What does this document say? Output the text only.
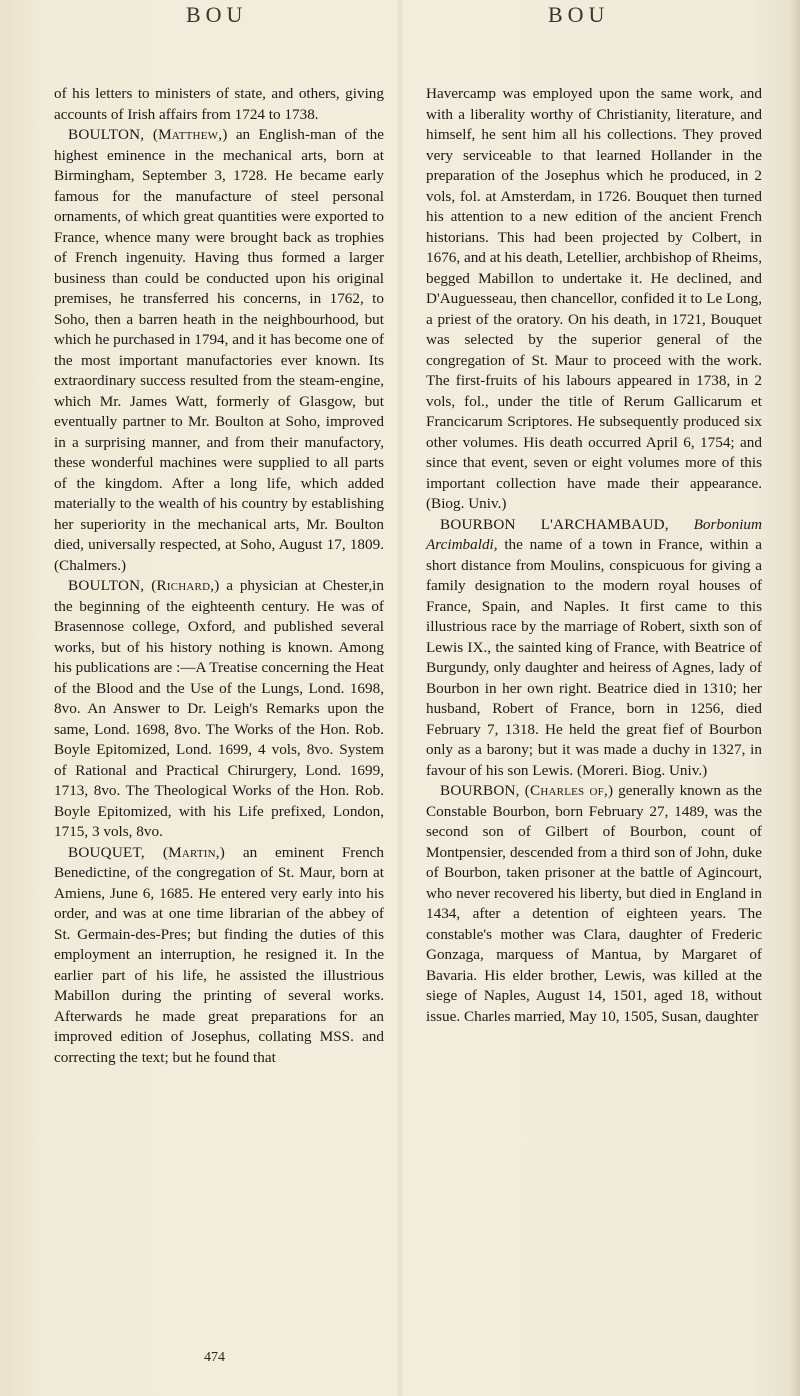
BOU	BOU

of his letters to ministers of state, and others, giving accounts of Irish affairs from 1724 to 1738.

BOULTON, (Matthew,) an English-man of the highest eminence in the mechanical arts, born at Birmingham, September 3, 1728. He became early famous for the manufacture of steel personal ornaments, of which great quantities were exported to France, whence many were brought back as trophies of French ingenuity. Having thus formed a larger business than could be conducted upon his original premises, he transferred his concerns, in 1762, to Soho, then a barren heath in the neighbourhood, but which he purchased in 1794, and it has become one of the most important manufactories ever known. Its extraordinary success resulted from the steam-engine, which Mr. James Watt, formerly of Glasgow, but eventually partner to Mr. Boulton at Soho, improved in a surprising manner, and from their manufactory, these wonderful machines were supplied to all parts of the kingdom. After a long life, which added materially to the wealth of his country by establishing her superiority in the mechanical arts, Mr. Boulton died, universally respected, at Soho, August 17, 1809. (Chalmers.)

BOULTON, (Richard,) a physician at Chester,in the beginning of the eighteenth century. He was of Brasennose college, Oxford, and published several works, but of his history nothing is known. Among his publications are :—A Treatise concerning the Heat of the Blood and the Use of the Lungs, Lond. 1698, 8vo. An Answer to Dr. Leigh's Remarks upon the same, Lond. 1698, 8vo. The Works of the Hon. Rob. Boyle Epitomized, Lond. 1699, 4 vols, 8vo. System of Rational and Practical Chirurgery, Lond. 1699, 1713, 8vo. The Theological Works of the Hon. Rob. Boyle Epitomized, with his Life prefixed, London, 1715, 3 vols, 8vo.

BOUQUET, (Martin,) an eminent French Benedictine, of the congregation of St. Maur, born at Amiens, June 6, 1685. He entered very early into his order, and was at one time librarian of the abbey of St. Germain-des-Pres; but finding the duties of this employment an interruption, he resigned it. In the earlier part of his life, he assisted the illustrious Mabillon during the printing of several works. Afterwards he made great preparations for an improved edition of Josephus, collating MSS. and correcting the text; but he found that

Havercamp was employed upon the same work, and with a liberality worthy of Christianity, literature, and himself, he sent him all his collections. They proved very serviceable to that learned Hollander in the preparation of the Josephus which he produced, in 2 vols, fol. at Amsterdam, in 1726. Bouquet then turned his attention to a new edition of the ancient French historians. This had been projected by Colbert, in 1676, and at his death, Letellier, archbishop of Rheims, begged Mabillon to undertake it. He declined, and D'Auguesseau, then chancellor, confided it to Le Long, a priest of the oratory. On his death, in 1721, Bouquet was selected by the superior general of the congregation of St. Maur to proceed with the work. The first-fruits of his labours appeared in 1738, in 2 vols, fol., under the title of Rerum Gallicarum et Francicarum Scriptores. He subsequently produced six other volumes. His death occurred April 6, 1754; and since that event, seven or eight volumes more of this important collection have made their appearance. (Biog. Univ.)

BOURBON L'ARCHAMBAUD, Borbonium Arcimbaldi, the name of a town in France, within a short distance from Moulins, conspicuous for giving a family designation to the modern royal houses of France, Spain, and Naples. It first came to this illustrious race by the marriage of Robert, sixth son of Lewis IX., the sainted king of France, with Beatrice of Burgundy, only daughter and heiress of Agnes, lady of Bourbon in her own right. Beatrice died in 1310; her husband, Robert of France, born in 1256, died February 7, 1318. He held the great fief of Bourbon only as a barony; but it was made a duchy in 1327, in favour of his son Lewis. (Moreri. Biog. Univ.)

BOURBON, (Charles of,) generally known as the Constable Bourbon, born February 27, 1489, was the second son of Gilbert of Bourbon, count of Montpensier, descended from a third son of John, duke of Bourbon, taken prisoner at the battle of Agincourt, who never recovered his liberty, but died in England in 1434, after a detention of eighteen years. The constable's mother was Clara, daughter of Frederic Gonzaga, marquess of Mantua, by Margaret of Bavaria. His elder brother, Lewis, was killed at the siege of Naples, August 14, 1501, aged 18, without issue. Charles married, May 10, 1505, Susan, daughter

474
